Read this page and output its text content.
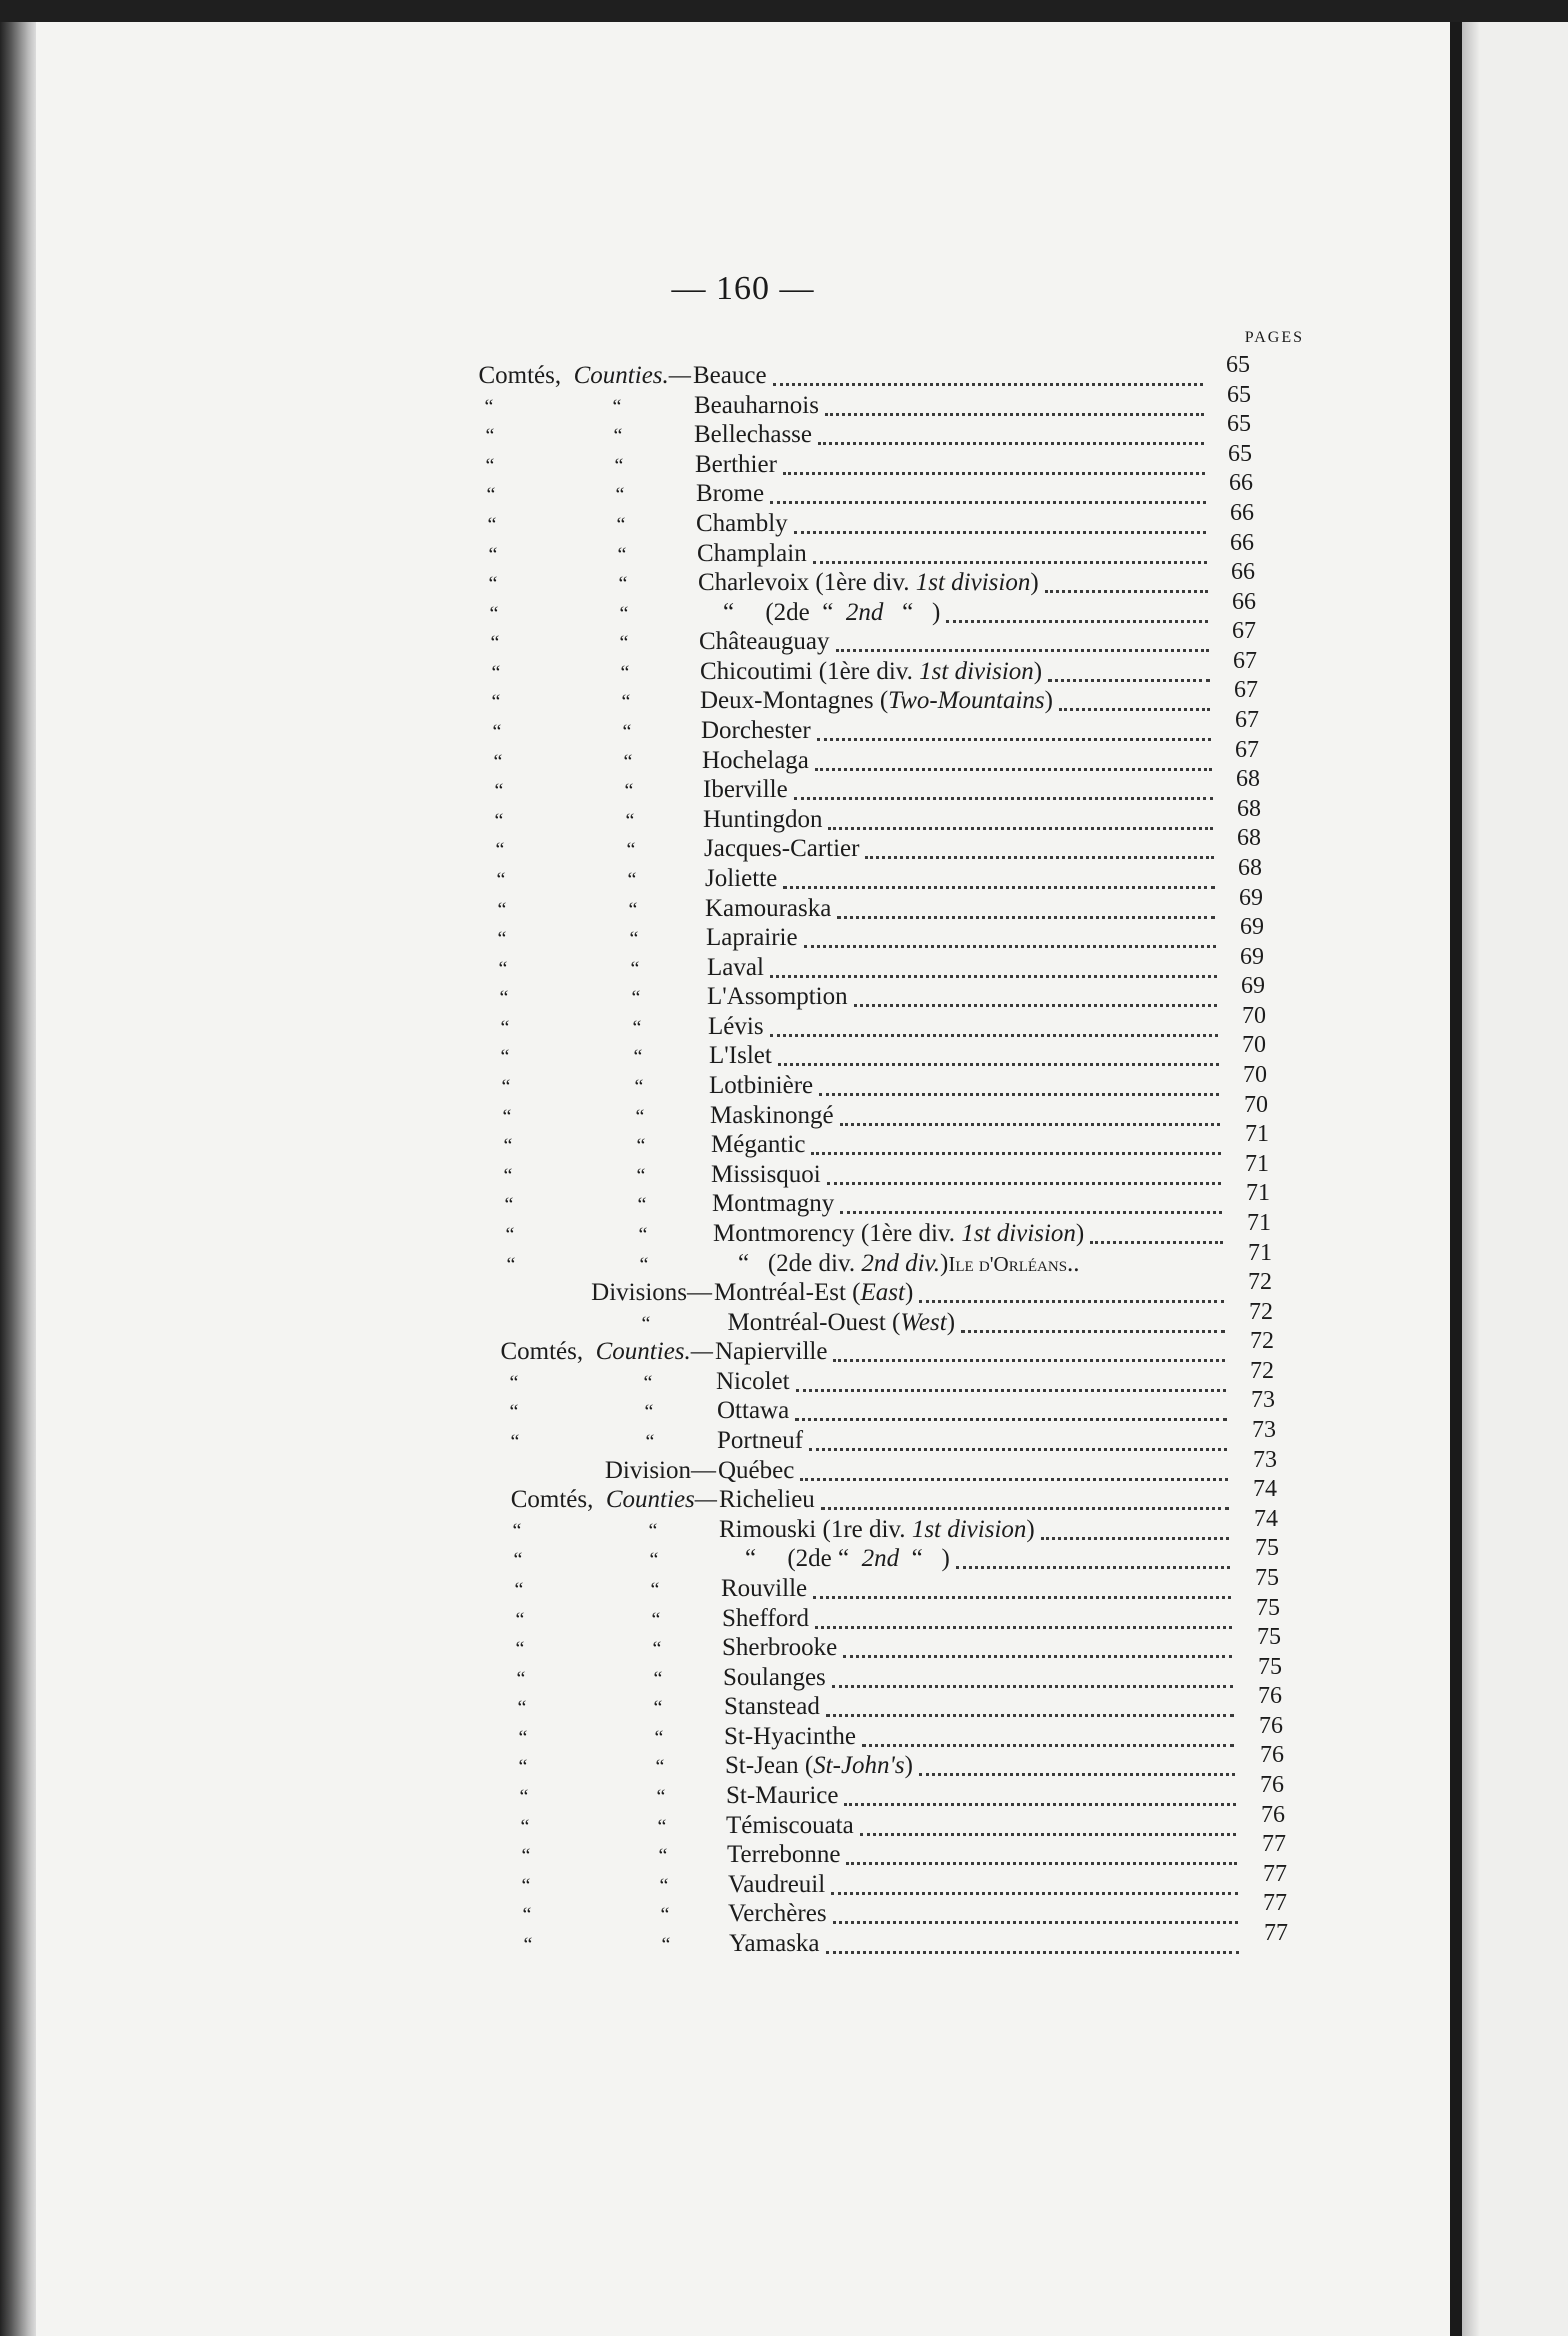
— 160 —
PAGES
Comtés, Counties.— Beauce	65
“	“	Beauharnois	65
“	“	Bellechasse	65
“	“	Berthier	65
“	“	Brome	66
“	“	Chambly	66
“	“	Champlain	66
“	“	Charlevoix (1ère div. 1st division)	66
“	“	“     (2de  “  2nd   “   )	66
“	“	Châteauguay	67
“	“	Chicoutimi (1ère div. 1st division)	67
“	“	Deux-Montagnes (Two-Mountains)	67
“	“	Dorchester	67
“	“	Hochelaga	67
“	“	Iberville	68
“	“	Huntingdon	68
“	“	Jacques-Cartier	68
“	“	Joliette	68
“	“	Kamouraska	69
“	“	Laprairie	69
“	“	Laval	69
“	“	L'Assomption	69
“	“	Lévis	70
“	“	L'Islet	70
“	“	Lotbinière	70
“	“	Maskinongé	70
“	“	Mégantic	71
“	“	Missisquoi	71
“	“	Montmagny	71
“	“	Montmorency (1ère div. 1st division)	71
“	“	“   (2de div. 2nd div.)Ile d'Orléans..	71
Divisions— Montréal-Est (East)	72
“	Montréal-Ouest (West)	72
Comtés, Counties.— Napierville	72
“	“	Nicolet	72
“	“	Ottawa	73
“	“	Portneuf	73
Division— Québec	73
Comtés, Counties— Richelieu	74
“	“	Rimouski (1re div. 1st division)	74
“	“	“     (2de “  2nd  “   )	75
“	“	Rouville	75
“	“	Shefford	75
“	“	Sherbrooke	75
“	“	Soulanges	75
“	“	Stanstead	76
“	“	St-Hyacinthe	76
“	“	St-Jean (St-John's)	76
“	“	St-Maurice	76
“	“	Témiscouata	76
“	“	Terrebonne	77
“	“	Vaudreuil	77
“	“	Verchères	77
“	“	Yamaska	77
